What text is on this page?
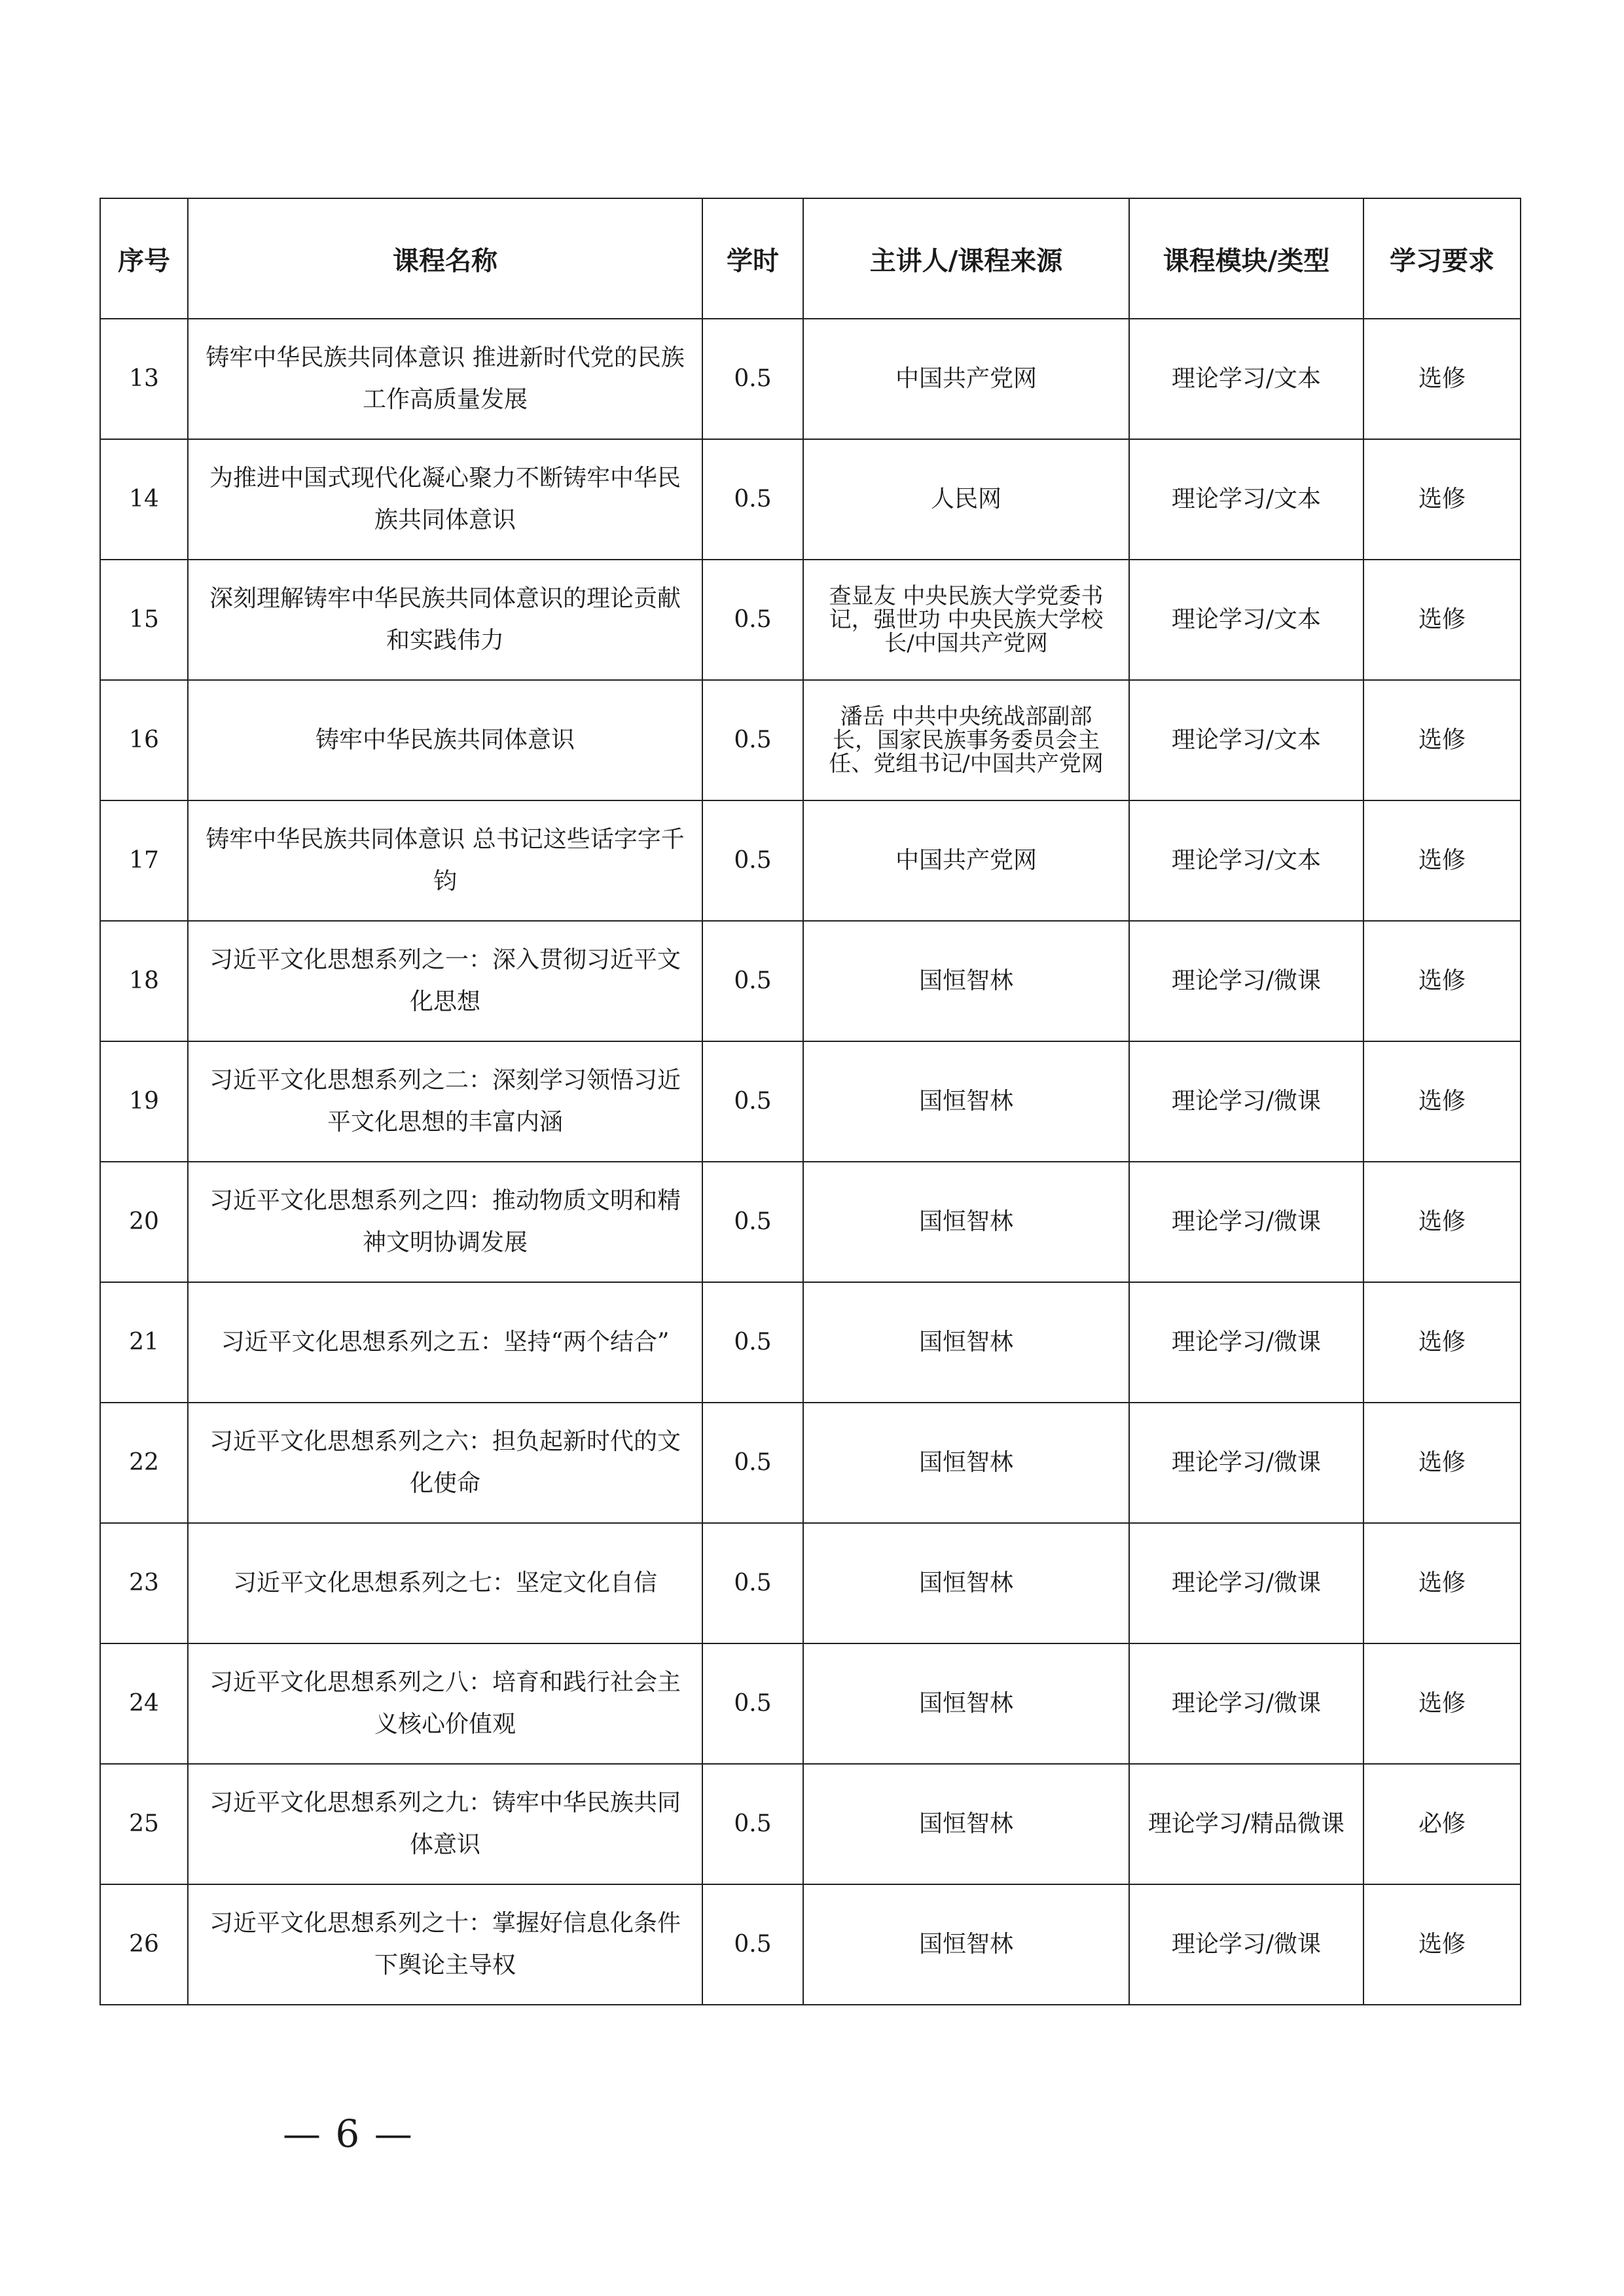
序号	课程名称	学时	主讲人/课程来源	课程模块/类型	学习要求
13	铸牢中华民族共同体意识 推进新时代党的民族工作高质量发展	0.5	中国共产党网	理论学习/文本	选修
14	为推进中国式现代化凝心聚力不断铸牢中华民族共同体意识	0.5	人民网	理论学习/文本	选修
15	深刻理解铸牢中华民族共同体意识的理论贡献和实践伟力	0.5	查显友 中央民族大学党委书记，强世功 中央民族大学校长/中国共产党网	理论学习/文本	选修
16	铸牢中华民族共同体意识	0.5	潘岳 中共中央统战部副部长，国家民族事务委员会主任、党组书记/中国共产党网	理论学习/文本	选修
17	铸牢中华民族共同体意识 总书记这些话字字千钧	0.5	中国共产党网	理论学习/文本	选修
18	习近平文化思想系列之一：深入贯彻习近平文化思想	0.5	国恒智林	理论学习/微课	选修
19	习近平文化思想系列之二：深刻学习领悟习近平文化思想的丰富内涵	0.5	国恒智林	理论学习/微课	选修
20	习近平文化思想系列之四：推动物质文明和精神文明协调发展	0.5	国恒智林	理论学习/微课	选修
21	习近平文化思想系列之五：坚持“两个结合”	0.5	国恒智林	理论学习/微课	选修
22	习近平文化思想系列之六：担负起新时代的文化使命	0.5	国恒智林	理论学习/微课	选修
23	习近平文化思想系列之七：坚定文化自信	0.5	国恒智林	理论学习/微课	选修
24	习近平文化思想系列之八：培育和践行社会主义核心价值观	0.5	国恒智林	理论学习/微课	选修
25	习近平文化思想系列之九：铸牢中华民族共同体意识	0.5	国恒智林	理论学习/精品微课	必修
26	习近平文化思想系列之十：掌握好信息化条件下舆论主导权	0.5	国恒智林	理论学习/微课	选修
— 6 —
